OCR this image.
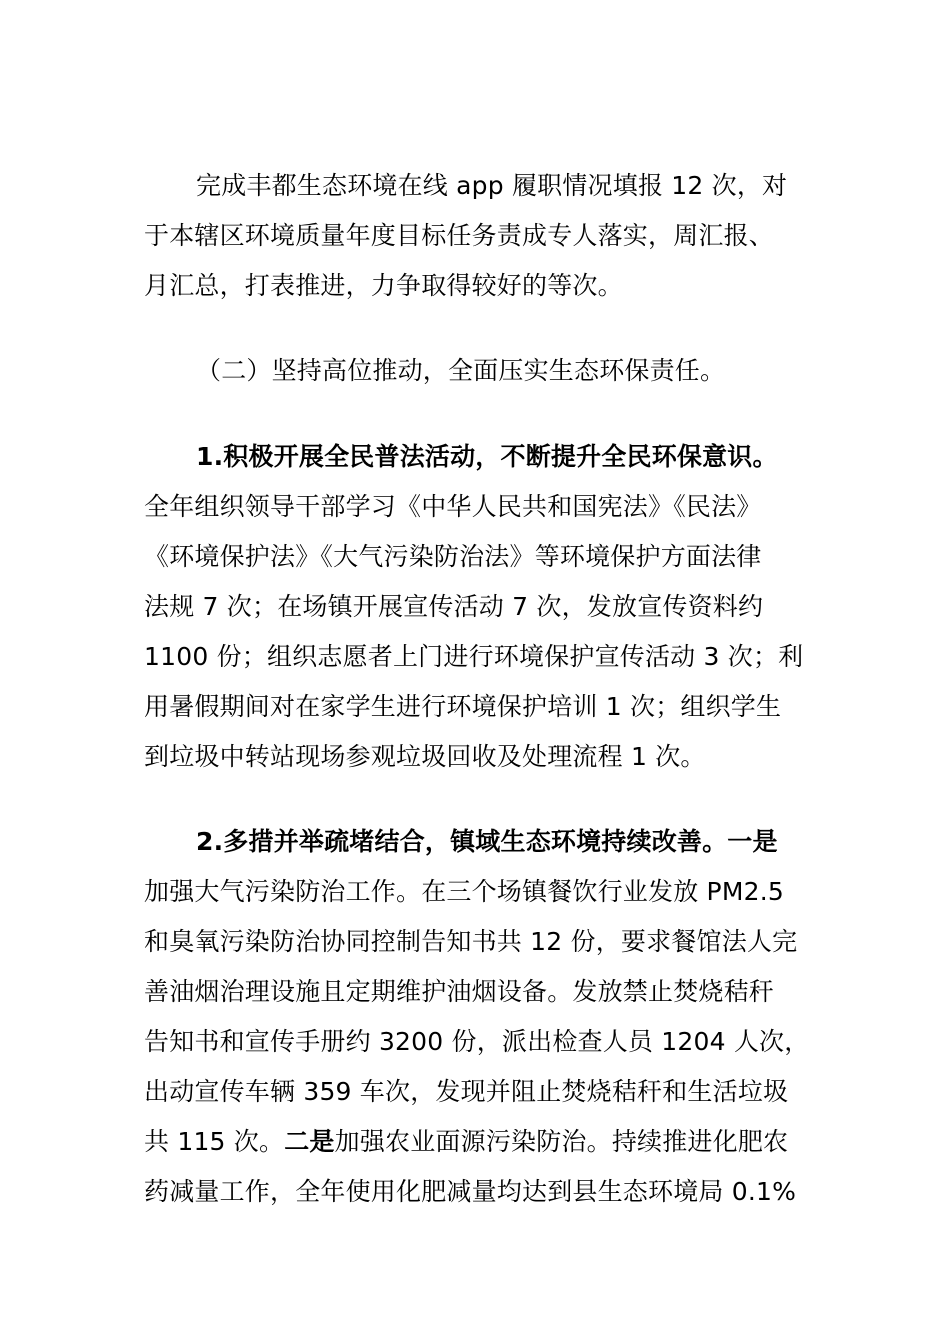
完成丰都生态环境在线 app 履职情况填报 12 次，对
于本辖区环境质量年度目标任务责成专人落实，周汇报、
月汇总，打表推进，力争取得较好的等次。
（二）坚持高位推动，全面压实生态环保责任。
1.积极开展全民普法活动，不断提升全民环保意识。
全年组织领导干部学习《中华人民共和国宪法》《民法》
《环境保护法》《大气污染防治法》等环境保护方面法律
法规 7 次；在场镇开展宣传活动 7 次，发放宣传资料约
1100 份；组织志愿者上门进行环境保护宣传活动 3 次；利
用暑假期间对在家学生进行环境保护培训 1 次；组织学生
到垃圾中转站现场参观垃圾回收及处理流程 1 次。
2.多措并举疏堵结合，镇域生态环境持续改善。一是
加强大气污染防治工作。在三个场镇餐饮行业发放 PM2.5
和臭氧污染防治协同控制告知书共 12 份，要求餐馆法人完
善油烟治理设施且定期维护油烟设备。发放禁止焚烧秸秆
告知书和宣传手册约 3200 份，派出检查人员 1204 人次，
出动宣传车辆 359 车次，发现并阻止焚烧秸秆和生活垃圾
共 115 次。二是加强农业面源污染防治。持续推进化肥农
药减量工作，全年使用化肥减量均达到县生态环境局 0.1%
